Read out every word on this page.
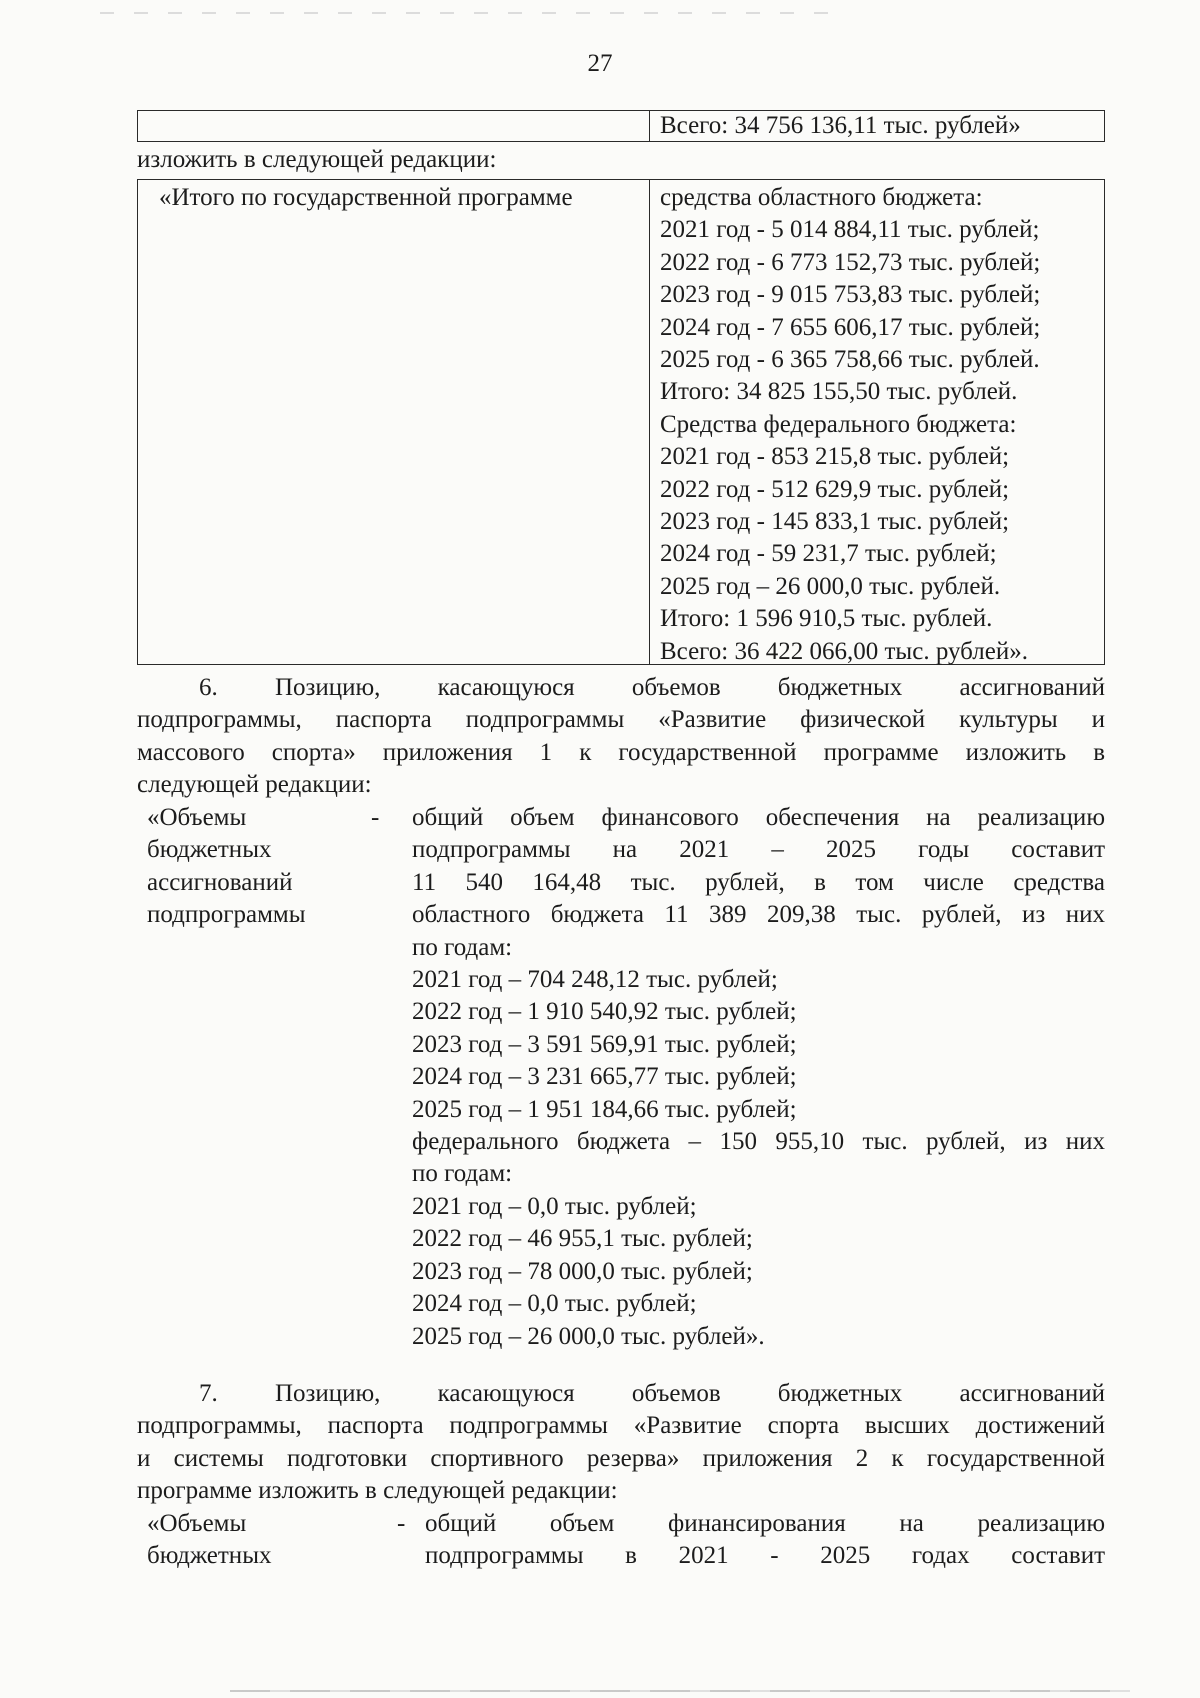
27
Всего: 34 756 136,11 тыс. рублей»
изложить в следующей редакции:
«Итого по государственной программе	средства областного бюджета:
2021 год - 5 014 884,11 тыс. рублей;
2022 год - 6 773 152,73 тыс. рублей;
2023 год - 9 015 753,83 тыс. рублей;
2024 год - 7 655 606,17 тыс. рублей;
2025 год - 6 365 758,66 тыс. рублей.
Итого: 34 825 155,50 тыс. рублей.
Средства федерального бюджета:
2021 год - 853 215,8 тыс. рублей;
2022 год - 512 629,9 тыс. рублей;
2023 год - 145 833,1 тыс. рублей;
2024 год - 59 231,7 тыс. рублей;
2025 год – 26 000,0 тыс. рублей.
Итого: 1 596 910,5 тыс. рублей.
Всего: 36 422 066,00 тыс. рублей».
6. Позицию, касающуюся объемов бюджетных ассигнований
подпрограммы, паспорта подпрограммы «Развитие физической культуры и
массового спорта» приложения 1 к государственной программе изложить в
следующей редакции:
«Объемы
бюджетных
ассигнований
подпрограммы
- общий объем финансового обеспечения на реализацию
подпрограммы на 2021 – 2025 годы составит
11 540 164,48 тыс. рублей, в том числе средства
областного бюджета 11 389 209,38 тыс. рублей, из них
по годам:
2021 год – 704 248,12 тыс. рублей;
2022 год – 1 910 540,92 тыс. рублей;
2023 год – 3 591 569,91 тыс. рублей;
2024 год – 3 231 665,77 тыс. рублей;
2025 год – 1 951 184,66 тыс. рублей;
федерального бюджета – 150 955,10 тыс. рублей, из них
по годам:
2021 год – 0,0 тыс. рублей;
2022 год – 46 955,1 тыс. рублей;
2023 год – 78 000,0 тыс. рублей;
2024 год – 0,0 тыс. рублей;
2025 год – 26 000,0 тыс. рублей».
7. Позицию, касающуюся объемов бюджетных ассигнований
подпрограммы, паспорта подпрограммы «Развитие спорта высших достижений
и системы подготовки спортивного резерва» приложения 2 к государственной
программе изложить в следующей редакции:
«Объемы
бюджетных
- общий объем финансирования на реализацию
подпрограммы в 2021 - 2025 годах составит
